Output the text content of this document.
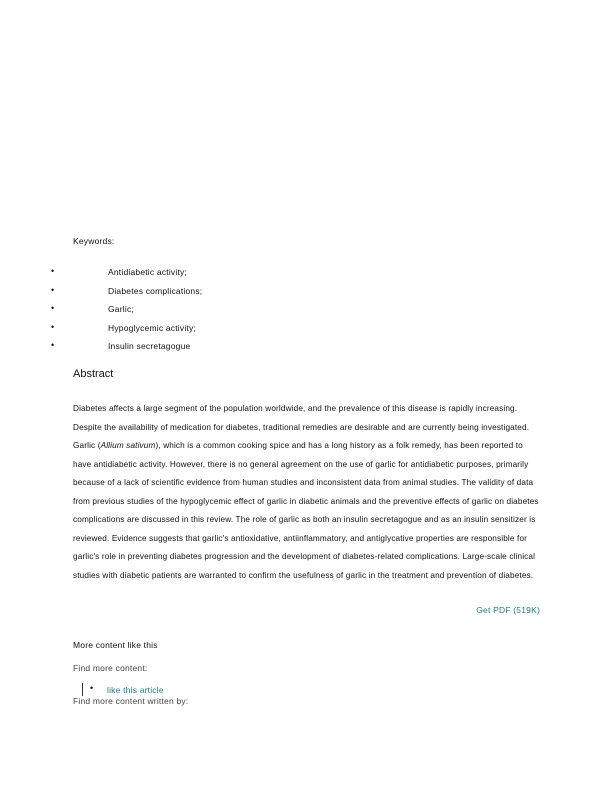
Keywords:
•	Antidiabetic activity;
•	Diabetes complications;
•	Garlic;
•	Hypoglycemic activity;
•	Insulin secretagogue
Abstract

Diabetes affects a large segment of the population worldwide, and the prevalence of this disease is rapidly increasing. Despite the availability of medication for diabetes, traditional remedies are desirable and are currently being investigated. Garlic (Allium sativum), which is a common cooking spice and has a long history as a folk remedy, has been reported to have antidiabetic activity. However, there is no general agreement on the use of garlic for antidiabetic purposes, primarily because of a lack of scientific evidence from human studies and inconsistent data from animal studies. The validity of data from previous studies of the hypoglycemic effect of garlic in diabetic animals and the preventive effects of garlic on diabetes complications are discussed in this review. The role of garlic as both an insulin secretagogue and as an insulin sensitizer is reviewed. Evidence suggests that garlic's antioxidative, antiinflammatory, and antiglycative properties are responsible for garlic's role in preventing diabetes progression and the development of diabetes-related complications. Large-scale clinical studies with diabetic patients are warranted to confirm the usefulness of garlic in the treatment and prevention of diabetes.

Get PDF (519K)
More content like this
Find more content:
• like this article
Find more content written by:
